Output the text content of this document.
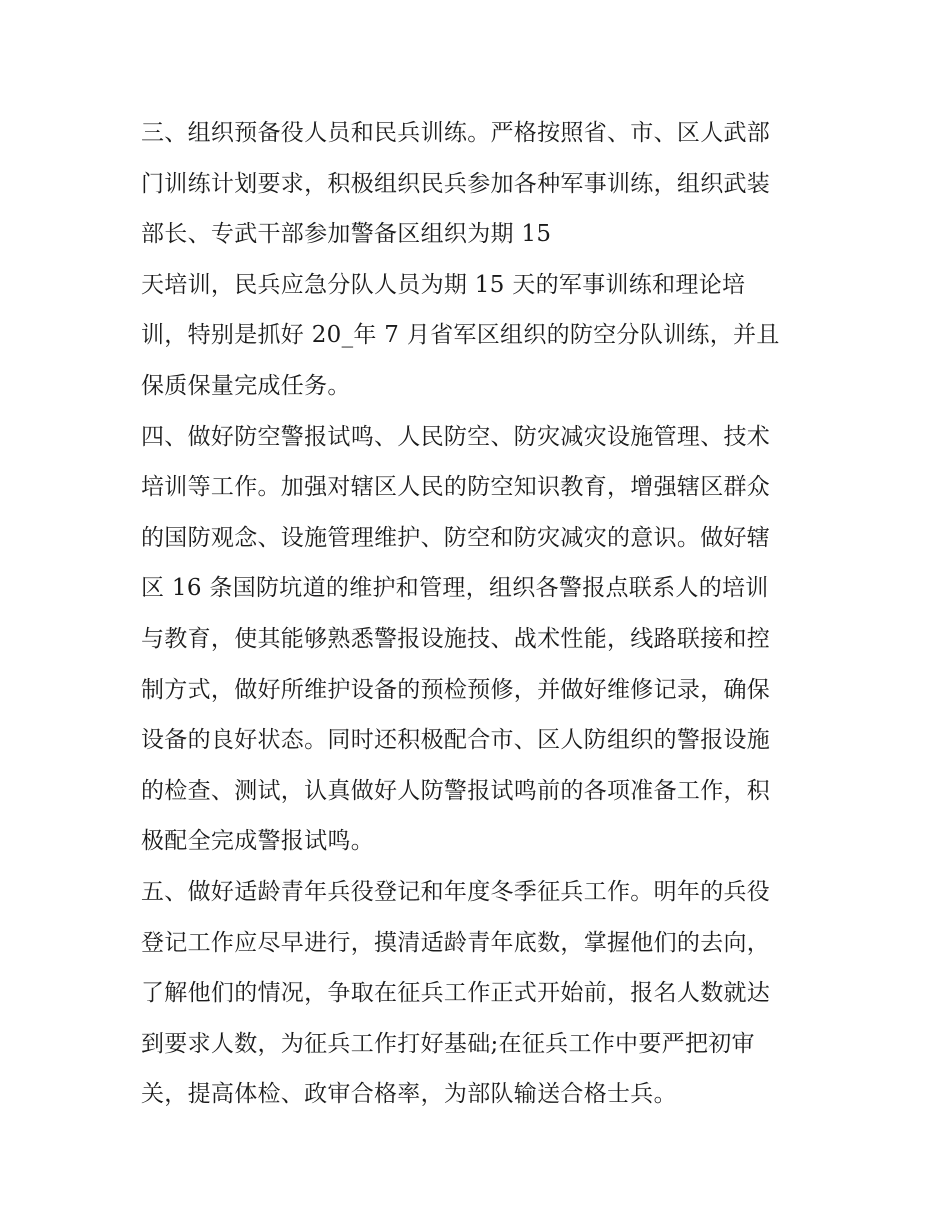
三、组织预备役人员和民兵训练。严格按照省、市、区人武部
门训练计划要求，积极组织民兵参加各种军事训练，组织武装
部长、专武干部参加警备区组织为期 15
天培训，民兵应急分队人员为期 15 天的军事训练和理论培
训，特别是抓好 20_年 7 月省军区组织的防空分队训练，并且
保质保量完成任务。
四、做好防空警报试鸣、人民防空、防灾减灾设施管理、技术
培训等工作。加强对辖区人民的防空知识教育，增强辖区群众
的国防观念、设施管理维护、防空和防灾减灾的意识。做好辖
区 16 条国防坑道的维护和管理，组织各警报点联系人的培训
与教育，使其能够熟悉警报设施技、战术性能，线路联接和控
制方式，做好所维护设备的预检预修，并做好维修记录，确保
设备的良好状态。同时还积极配合市、区人防组织的警报设施
的检查、测试，认真做好人防警报试鸣前的各项准备工作，积
极配全完成警报试鸣。
五、做好适龄青年兵役登记和年度冬季征兵工作。明年的兵役
登记工作应尽早进行，摸清适龄青年底数，掌握他们的去向，
了解他们的情况，争取在征兵工作正式开始前，报名人数就达
到要求人数，为征兵工作打好基础;在征兵工作中要严把初审
关，提高体检、政审合格率，为部队输送合格士兵。
